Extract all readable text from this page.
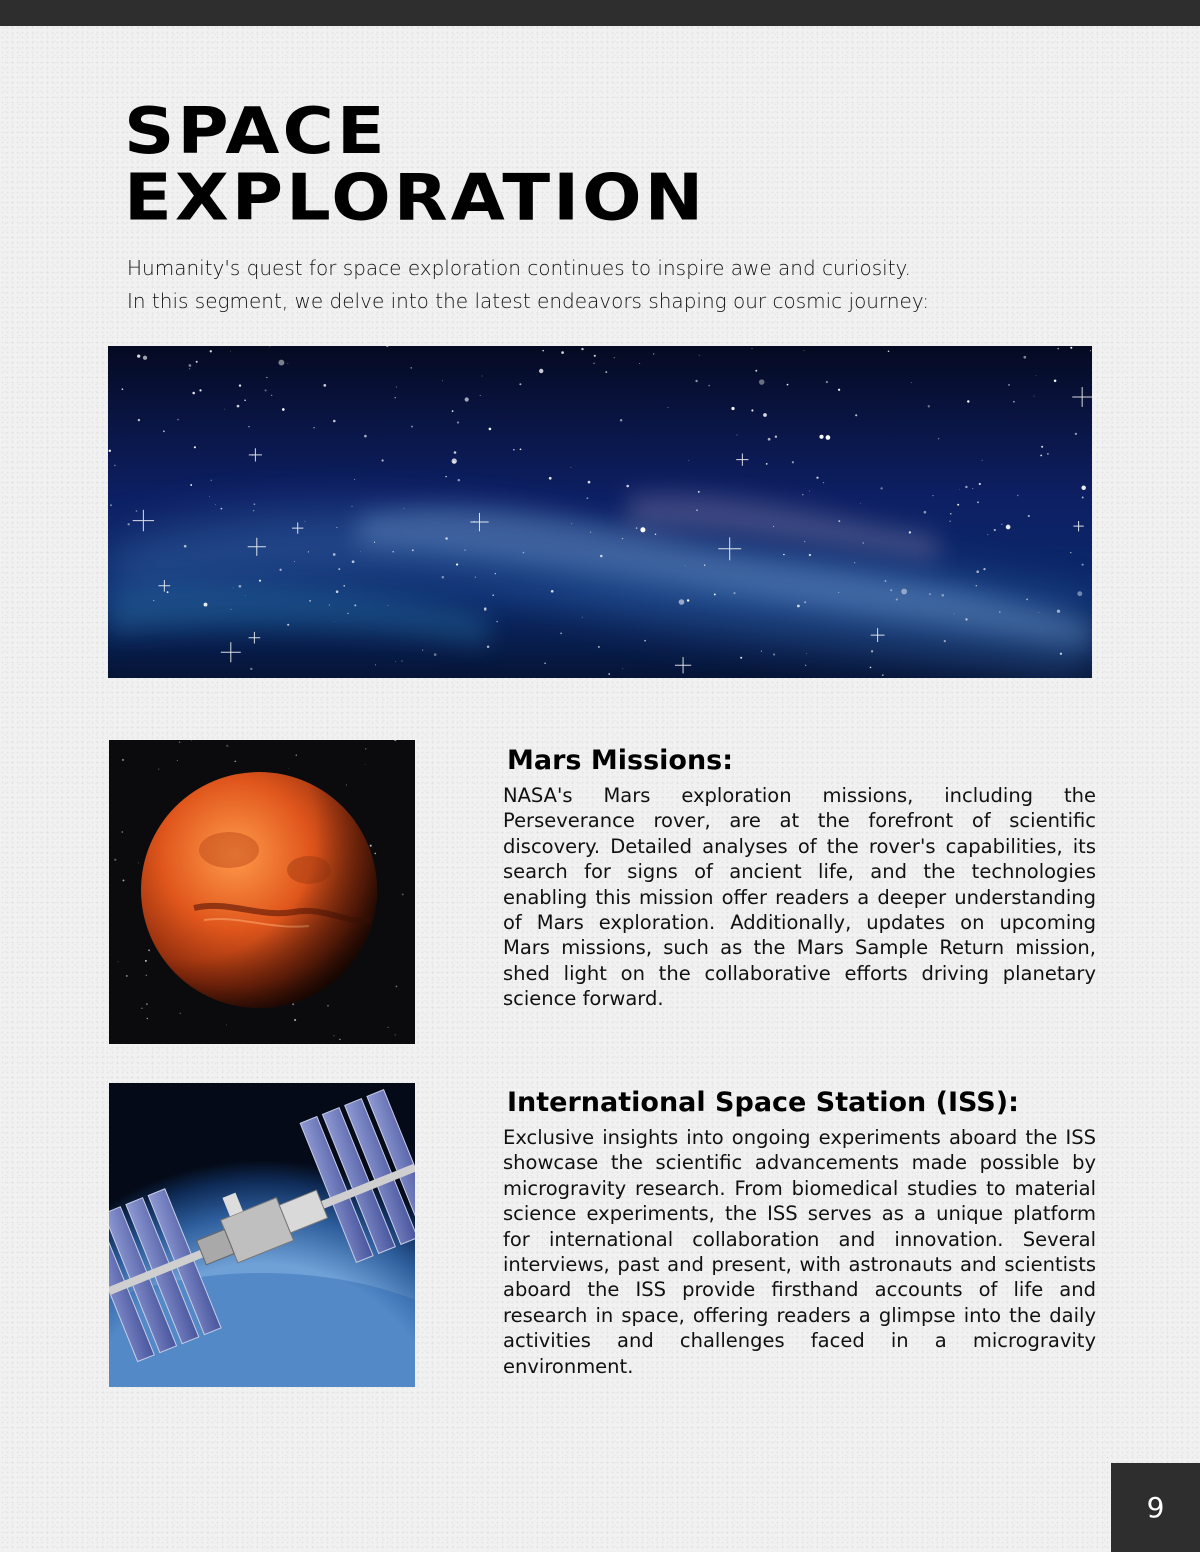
SPACE
EXPLORATION

Humanity's quest for space exploration continues to inspire awe and curiosity.

In this segment, we delve into the latest endeavors shaping our cosmic journey:

Mars Missions:

NASA's Mars exploration missions, including the Perseverance rover, are at the forefront of scientific discovery. Detailed analyses of the rover's capabilities, its search for signs of ancient life, and the technologies enabling this mission offer readers a deeper understanding of Mars exploration. Additionally, updates on upcoming Mars missions, such as the Mars Sample Return mission, shed light on the collaborative efforts driving planetary science forward.

International Space Station (ISS):

Exclusive insights into ongoing experiments aboard the ISS showcase the scientific advancements made possible by microgravity research. From biomedical studies to material science experiments, the ISS serves as a unique platform for international collaboration and innovation. Several interviews, past and present, with astronauts and scientists aboard the ISS provide firsthand accounts of life and research in space, offering readers a glimpse into the daily activities and challenges faced in a microgravity environment.

9
